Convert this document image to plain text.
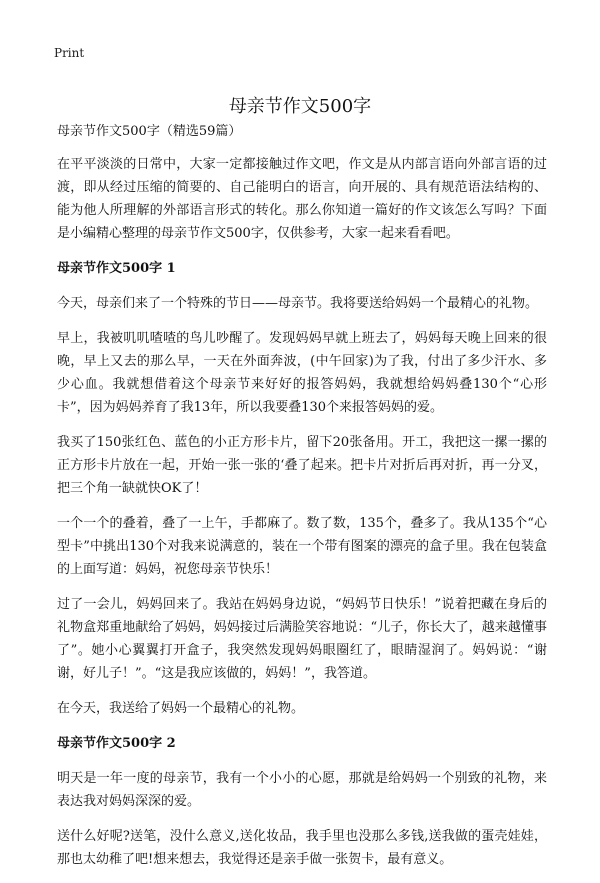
Print
母亲节作文500字

母亲节作文500字（精选59篇）

在平平淡淡的日常中，大家一定都接触过作文吧，作文是从内部言语向外部言语的过渡，即从经过压缩的简要的、自己能明白的语言，向开展的、具有规范语法结构的、能为他人所理解的外部语言形式的转化。那么你知道一篇好的作文该怎么写吗？下面是小编精心整理的母亲节作文500字，仅供参考，大家一起来看看吧。

母亲节作文500字 1

今天，母亲们来了一个特殊的节日——母亲节。我将要送给妈妈一个最精心的礼物。

早上，我被叽叽喳喳的鸟儿吵醒了。发现妈妈早就上班去了，妈妈每天晚上回来的很晚，早上又去的那么早，一天在外面奔波，(中午回家)为了我，付出了多少汗水、多少心血。我就想借着这个母亲节来好好的报答妈妈，我就想给妈妈叠130个“心形卡”，因为妈妈养育了我13年，所以我要叠130个来报答妈妈的爱。

我买了150张红色、蓝色的小正方形卡片，留下20张备用。开工，我把这一摞一摞的正方形卡片放在一起，开始一张一张的‘叠了起来。把卡片对折后再对折，再一分叉，把三个角一缺就快OK了！

一个一个的叠着，叠了一上午，手都麻了。数了数，135个，叠多了。我从135个“心型卡”中挑出130个对我来说满意的，装在一个带有图案的漂亮的盒子里。我在包装盒的上面写道：妈妈，祝您母亲节快乐！

过了一会儿，妈妈回来了。我站在妈妈身边说，“妈妈节日快乐！”说着把藏在身后的礼物盒郑重地献给了妈妈，妈妈接过后满脸笑容地说：“儿子，你长大了，越来越懂事了”。她小心翼翼打开盒子，我突然发现妈妈眼圈红了，眼睛湿润了。妈妈说：“谢谢，好儿子！”。“这是我应该做的，妈妈！”，我答道。

在今天，我送给了妈妈一个最精心的礼物。

母亲节作文500字 2

明天是一年一度的母亲节，我有一个小小的心愿，那就是给妈妈一个别致的礼物，来表达我对妈妈深深的爱。

送什么好呢?送笔，没什么意义,送化妆品，我手里也没那么多钱,送我做的蛋壳娃娃，那也太幼稚了吧!想来想去，我觉得还是亲手做一张贺卡，最有意义。
